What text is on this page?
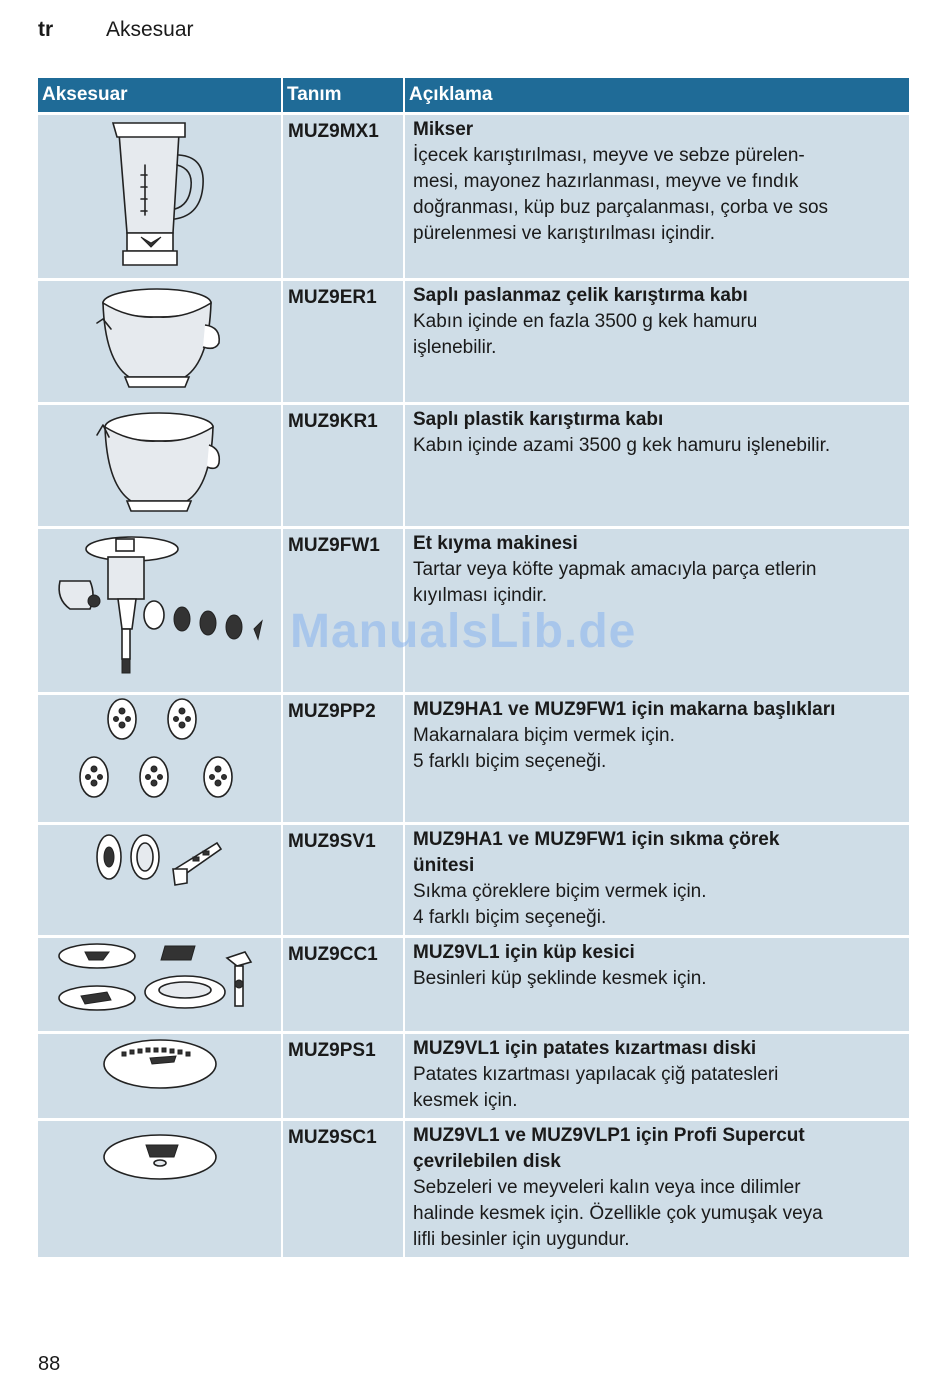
tr	Aksesuar
Aksesuar	Tanım	Açıklama

	MUZ9MX1	Mikser
İçecek karıştırılması, meyve ve sebze pürelen-
mesi, mayonez hazırlanması, meyve ve fındık
doğranması, küp buz parçalanması, çorba ve sos
pürelenmesi ve karıştırılması içindir.

	MUZ9ER1	Saplı paslanmaz çelik karıştırma kabı
Kabın içinde en fazla 3500 g kek hamuru
işlenebilir.

	MUZ9KR1	Saplı plastik karıştırma kabı
Kabın içinde azami 3500 g kek hamuru işlenebilir.

	MUZ9FW1	Et kıyma makinesi
Tartar veya köfte yapmak amacıyla parça etlerin
kıyılması içindir.

	MUZ9PP2	MUZ9HA1 ve MUZ9FW1 için makarna başlıkları
Makarnalara biçim vermek için.
5 farklı biçim seçeneği.

	MUZ9SV1	MUZ9HA1 ve MUZ9FW1 için sıkma çörek
ünitesi
Sıkma çöreklere biçim vermek için.
4 farklı biçim seçeneği.

	MUZ9CC1	MUZ9VL1 için küp kesici
Besinleri küp şeklinde kesmek için.

	MUZ9PS1	MUZ9VL1 için patates kızartması diski
Patates kızartması yapılacak çiğ patatesleri
kesmek için.

	MUZ9SC1	MUZ9VL1 ve MUZ9VLP1 için Profi Supercut
çevrilebilen disk
Sebzeleri ve meyveleri kalın veya ince dilimler
halinde kesmek için. Özellikle çok yumuşak veya
lifli besinler için uygundur.
ManualsLib.de
88
